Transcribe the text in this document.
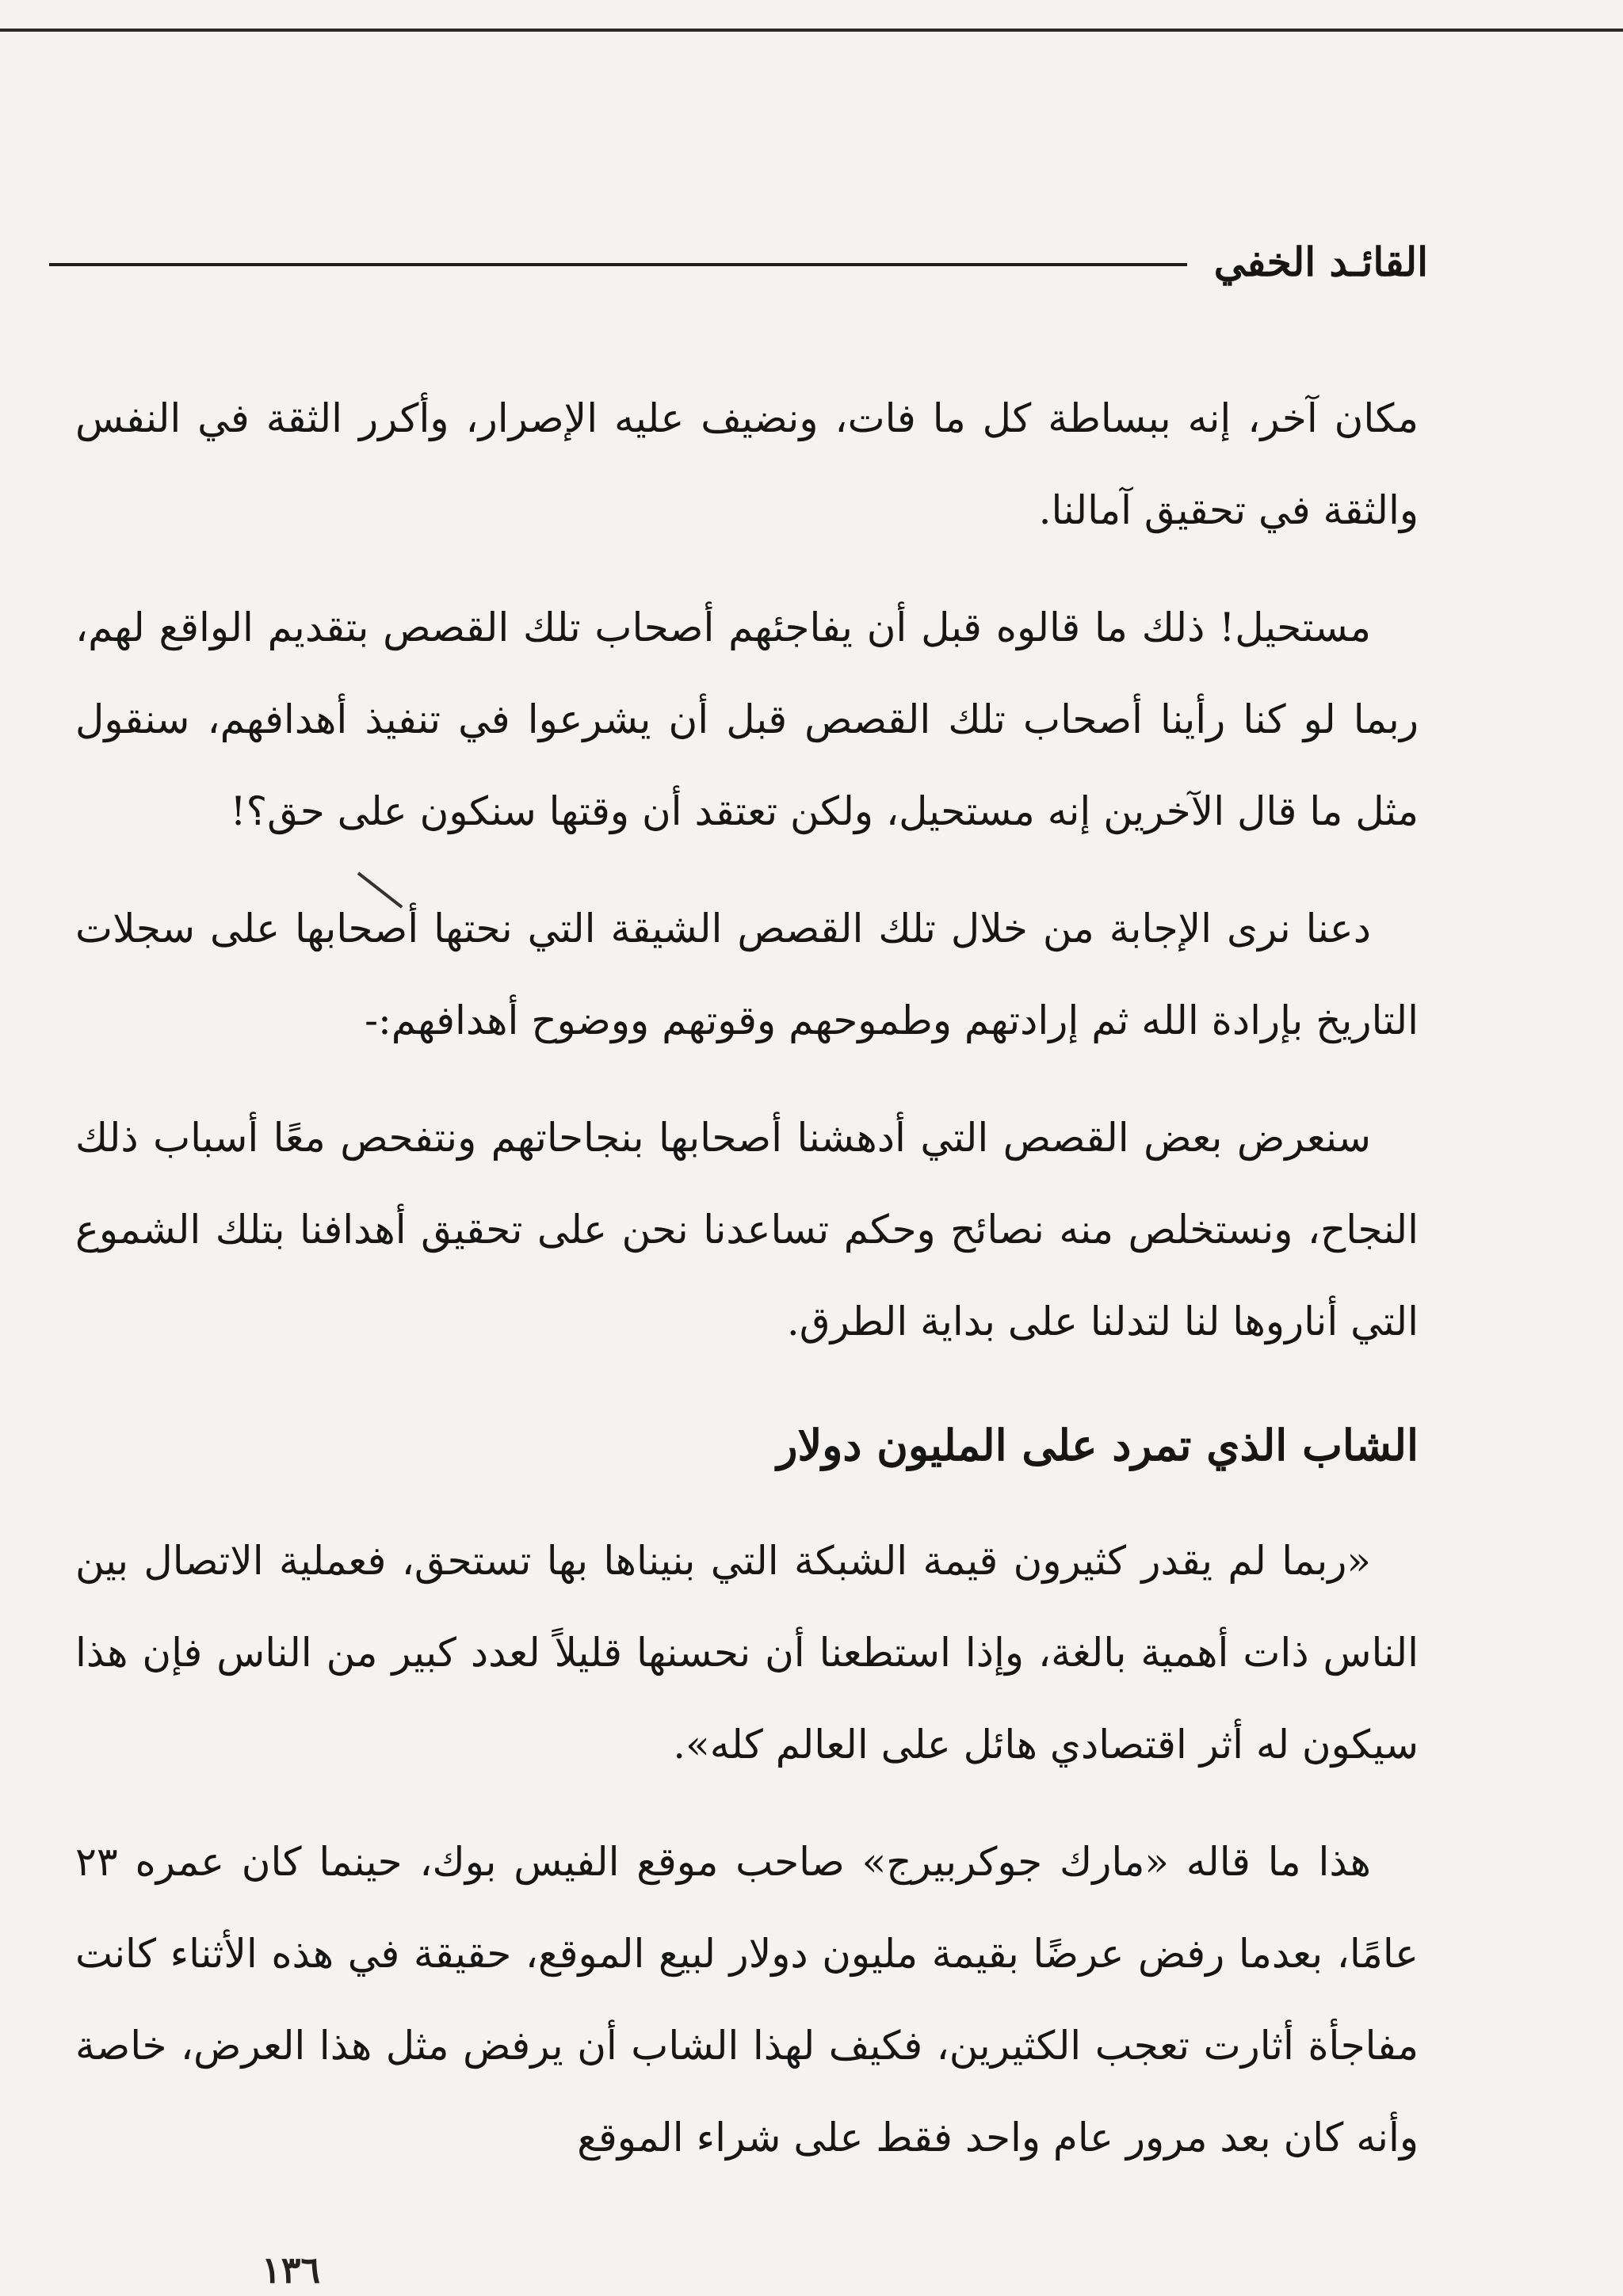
القائـد الخفي

مكان آخر، إنه ببساطة كل ما فات، ونضيف عليه الإصرار، وأكرر الثقة في النفس والثقة في تحقيق آمالنا.

مستحيل! ذلك ما قالوه قبل أن يفاجئهم أصحاب تلك القصص بتقديم الواقع لهم، ربما لو كنا رأينا أصحاب تلك القصص قبل أن يشرعوا في تنفيذ أهدافهم، سنقول مثل ما قال الآخرين إنه مستحيل، ولكن تعتقد أن وقتها سنكون على حق؟!

دعنا نرى الإجابة من خلال تلك القصص الشيقة التي نحتها أصحابها على سجلات التاريخ بإرادة الله ثم إرادتهم وطموحهم وقوتهم ووضوح أهدافهم:-

سنعرض بعض القصص التي أدهشنا أصحابها بنجاحاتهم ونتفحص معًا أسباب ذلك النجاح، ونستخلص منه نصائح وحكم تساعدنا نحن على تحقيق أهدافنا بتلك الشموع التي أناروها لنا لتدلنا على بداية الطرق.

الشاب الذي تمرد على المليون دولار

«ربما لم يقدر كثيرون قيمة الشبكة التي بنيناها بها تستحق، فعملية الاتصال بين الناس ذات أهمية بالغة، وإذا استطعنا أن نحسنها قليلاً لعدد كبير من الناس فإن هذا سيكون له أثر اقتصادي هائل على العالم كله».

هذا ما قاله «مارك جوكربيرج» صاحب موقع الفيس بوك، حينما كان عمره ٢٣ عامًا، بعدما رفض عرضًا بقيمة مليون دولار لبيع الموقع، حقيقة في هذه الأثناء كانت مفاجأة أثارت تعجب الكثيرين، فكيف لهذا الشاب أن يرفض مثل هذا العرض، خاصة وأنه كان بعد مرور عام واحد فقط على شراء الموقع

١٣٦
